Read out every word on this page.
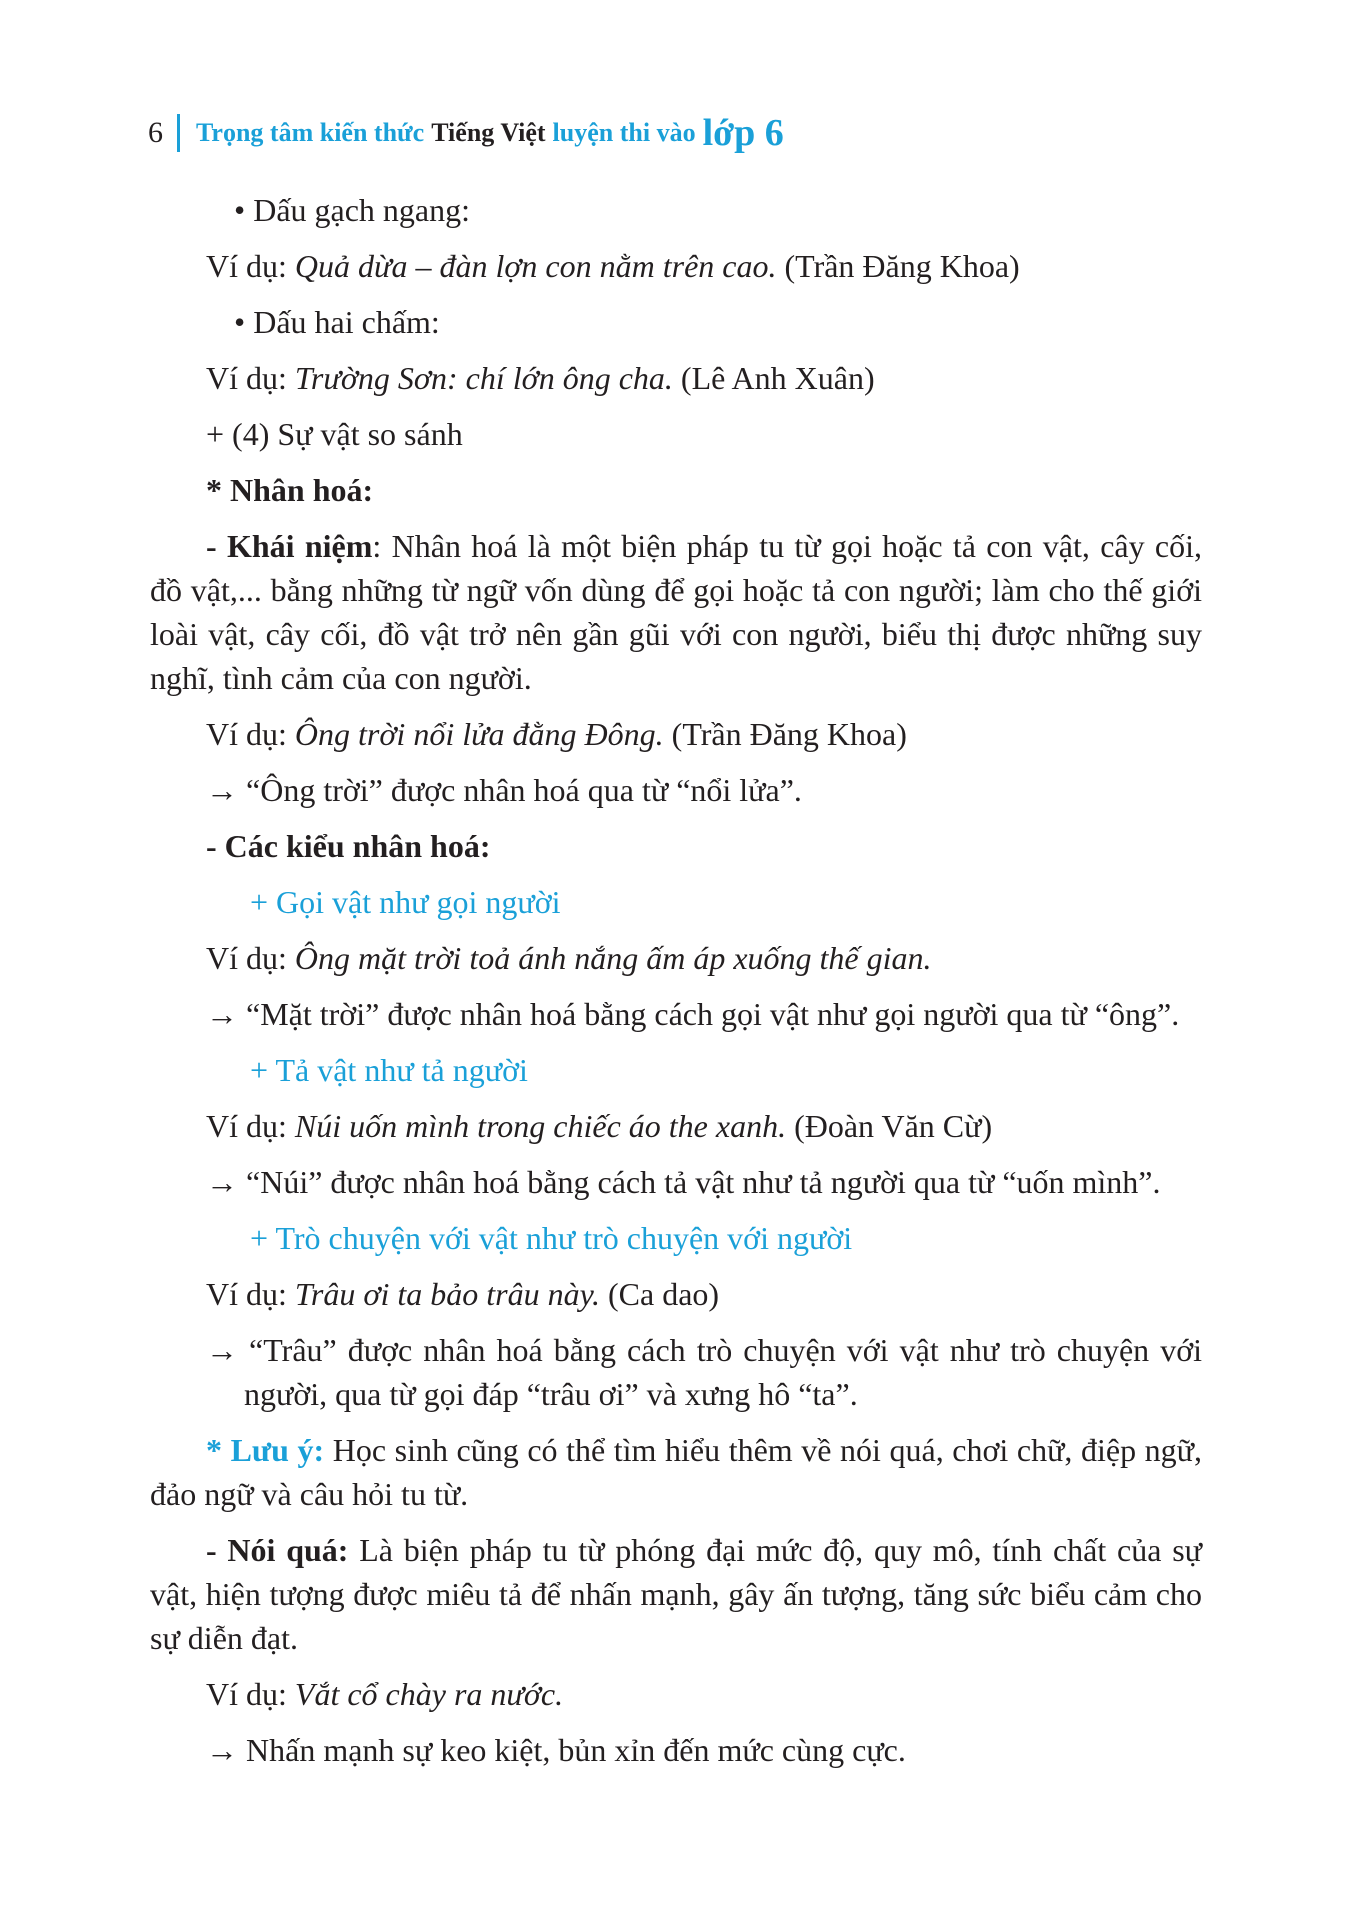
6 Trọng tâm kiến thức Tiếng Việt luyện thi vào lớp 6

• Dấu gạch ngang:

Ví dụ: Quả dừa – đàn lợn con nằm trên cao. (Trần Đăng Khoa)

• Dấu hai chấm:

Ví dụ: Trường Sơn: chí lớn ông cha. (Lê Anh Xuân)

+ (4) Sự vật so sánh

* Nhân hoá:

- Khái niệm: Nhân hoá là một biện pháp tu từ gọi hoặc tả con vật, cây cối, đồ vật,... bằng những từ ngữ vốn dùng để gọi hoặc tả con người; làm cho thế giới loài vật, cây cối, đồ vật trở nên gần gũi với con người, biểu thị được những suy nghĩ, tình cảm của con người.

Ví dụ: Ông trời nổi lửa đằng Đông. (Trần Đăng Khoa)

→ “Ông trời” được nhân hoá qua từ “nổi lửa”.

- Các kiểu nhân hoá:

+ Gọi vật như gọi người

Ví dụ: Ông mặt trời toả ánh nắng ấm áp xuống thế gian.

→ “Mặt trời” được nhân hoá bằng cách gọi vật như gọi người qua từ “ông”.

+ Tả vật như tả người

Ví dụ: Núi uốn mình trong chiếc áo the xanh. (Đoàn Văn Cừ)

→ “Núi” được nhân hoá bằng cách tả vật như tả người qua từ “uốn mình”.

+ Trò chuyện với vật như trò chuyện với người

Ví dụ: Trâu ơi ta bảo trâu này. (Ca dao)

→ “Trâu” được nhân hoá bằng cách trò chuyện với vật như trò chuyện với người, qua từ gọi đáp “trâu ơi” và xưng hô “ta”.

* Lưu ý: Học sinh cũng có thể tìm hiểu thêm về nói quá, chơi chữ, điệp ngữ, đảo ngữ và câu hỏi tu từ.

- Nói quá: Là biện pháp tu từ phóng đại mức độ, quy mô, tính chất của sự vật, hiện tượng được miêu tả để nhấn mạnh, gây ấn tượng, tăng sức biểu cảm cho sự diễn đạt.

Ví dụ: Vắt cổ chày ra nước.

→ Nhấn mạnh sự keo kiệt, bủn xỉn đến mức cùng cực.
